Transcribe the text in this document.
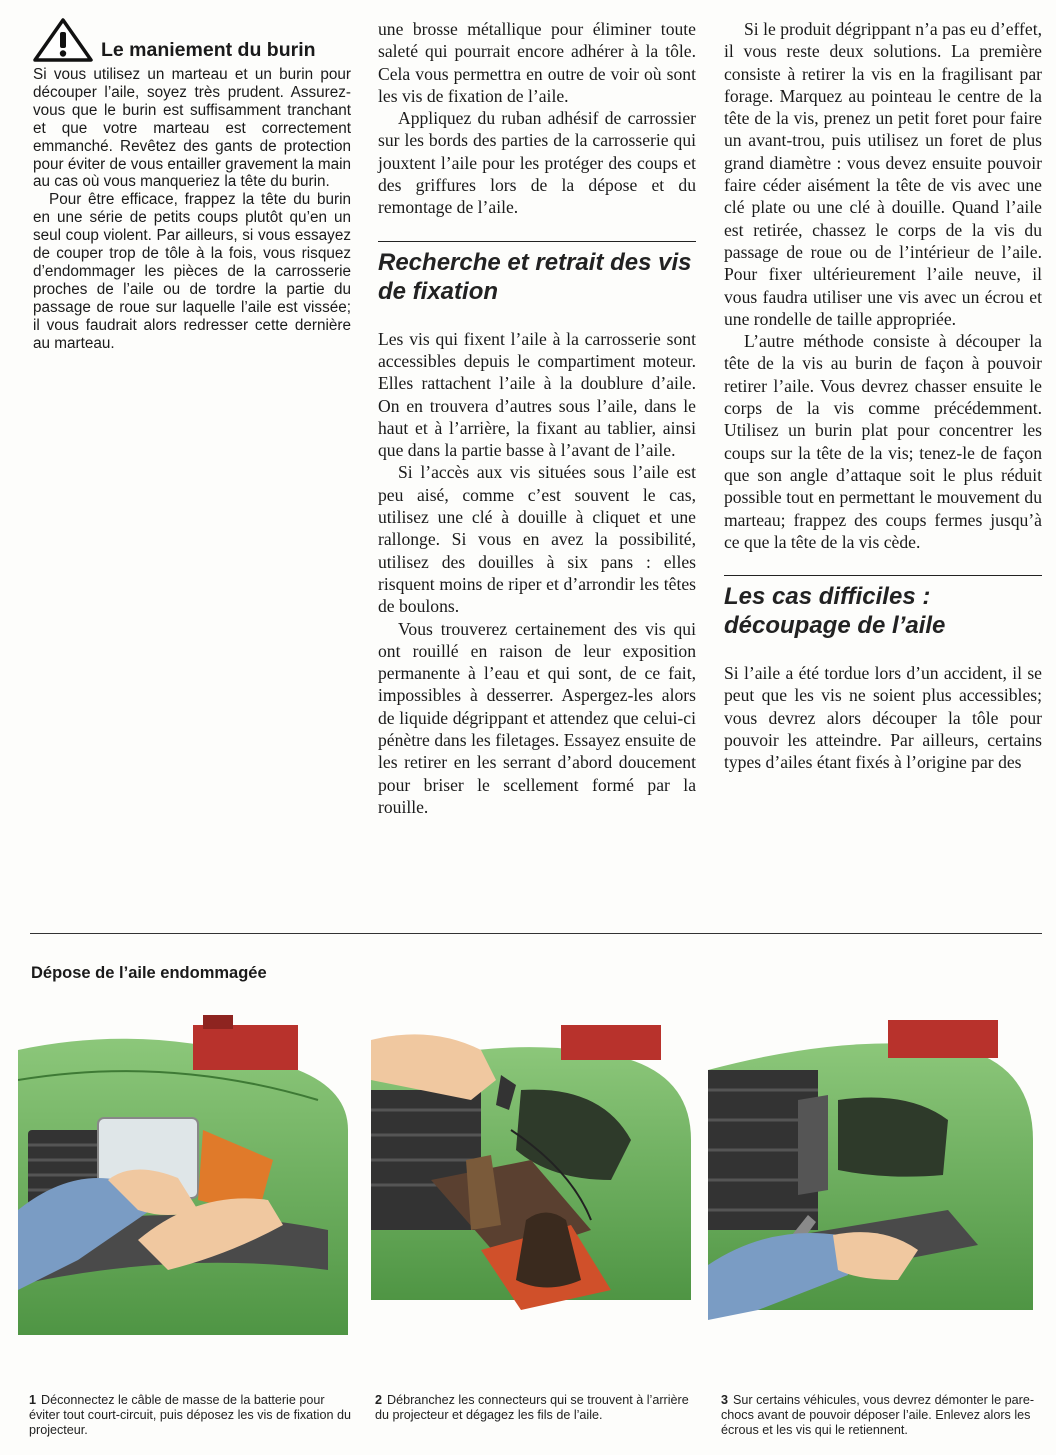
Le maniement du burin

Si vous utilisez un marteau et un burin pour découper l’aile, soyez très prudent. Assurez-vous que le burin est suffisamment tranchant et que votre marteau est correctement emmanché. Revêtez des gants de protection pour éviter de vous entailler gravement la main au cas où vous manqueriez la tête du burin.

Pour être efficace, frappez la tête du burin en une série de petits coups plutôt qu’en un seul coup violent. Par ailleurs, si vous essayez de couper trop de tôle à la fois, vous risquez d’endommager les pièces de la carrosserie proches de l’aile ou de tordre la partie du passage de roue sur laquelle l’aile est vissée; il vous faudrait alors redresser cette dernière au marteau.

une brosse métallique pour éliminer toute saleté qui pourrait encore adhérer à la tôle. Cela vous permettra en outre de voir où sont les vis de fixation de l’aile.

Appliquez du ruban adhésif de carrossier sur les bords des parties de la carrosserie qui jouxtent l’aile pour les protéger des coups et des griffures lors de la dépose et du remontage de l’aile.

Recherche et retrait des vis de fixation

Les vis qui fixent l’aile à la carrosserie sont accessibles depuis le compartiment moteur. Elles rattachent l’aile à la doublure d’aile. On en trouvera d’autres sous l’aile, dans le haut et à l’arrière, la fixant au tablier, ainsi que dans la partie basse à l’avant de l’aile.

Si l’accès aux vis situées sous l’aile est peu aisé, comme c’est souvent le cas, utilisez une clé à douille à cliquet et une rallonge. Si vous en avez la possibilité, utilisez des douilles à six pans : elles risquent moins de riper et d’arrondir les têtes de boulons.

Vous trouverez certainement des vis qui ont rouillé en raison de leur exposition permanente à l’eau et qui sont, de ce fait, impossibles à desserrer. Aspergez-les alors de liquide dégrippant et attendez que celui-ci pénètre dans les filetages. Essayez ensuite de les retirer en les serrant d’abord doucement pour briser le scellement formé par la rouille.

Si le produit dégrippant n’a pas eu d’effet, il vous reste deux solutions. La première consiste à retirer la vis en la fragilisant par forage. Marquez au pointeau le centre de la tête de la vis, prenez un petit foret pour faire un avant-trou, puis utilisez un foret de plus grand diamètre : vous devez ensuite pouvoir faire céder aisément la tête de vis avec une clé plate ou une clé à douille. Quand l’aile est retirée, chassez le corps de la vis du passage de roue ou de l’intérieur de l’aile. Pour fixer ultérieurement l’aile neuve, il vous faudra utiliser une vis avec un écrou et une rondelle de taille appropriée.

L’autre méthode consiste à découper la tête de la vis au burin de façon à pouvoir retirer l’aile. Vous devrez chasser ensuite le corps de la vis comme précédemment. Utilisez un burin plat pour concentrer les coups sur la tête de la vis; tenez-le de façon que son angle d’attaque soit le plus réduit possible tout en permettant le mouvement du marteau; frappez des coups fermes jusqu’à ce que la tête de la vis cède.

Les cas difficiles : découpage de l’aile

Si l’aile a été tordue lors d’un accident, il se peut que les vis ne soient plus accessibles; vous devrez alors découper la tôle pour pouvoir les atteindre. Par ailleurs, certains types d’ailes étant fixés à l’origine par des

Dépose de l’aile endommagée
1 Déconnectez le câble de masse de la batterie pour éviter tout court-circuit, puis déposez les vis de fixation du projecteur.
2 Débranchez les connecteurs qui se trouvent à l’arrière du projecteur et dégagez les fils de l’aile.
3 Sur certains véhicules, vous devrez démonter le pare-chocs avant de pouvoir déposer l’aile. Enlevez alors les écrous et les vis qui le retiennent.
